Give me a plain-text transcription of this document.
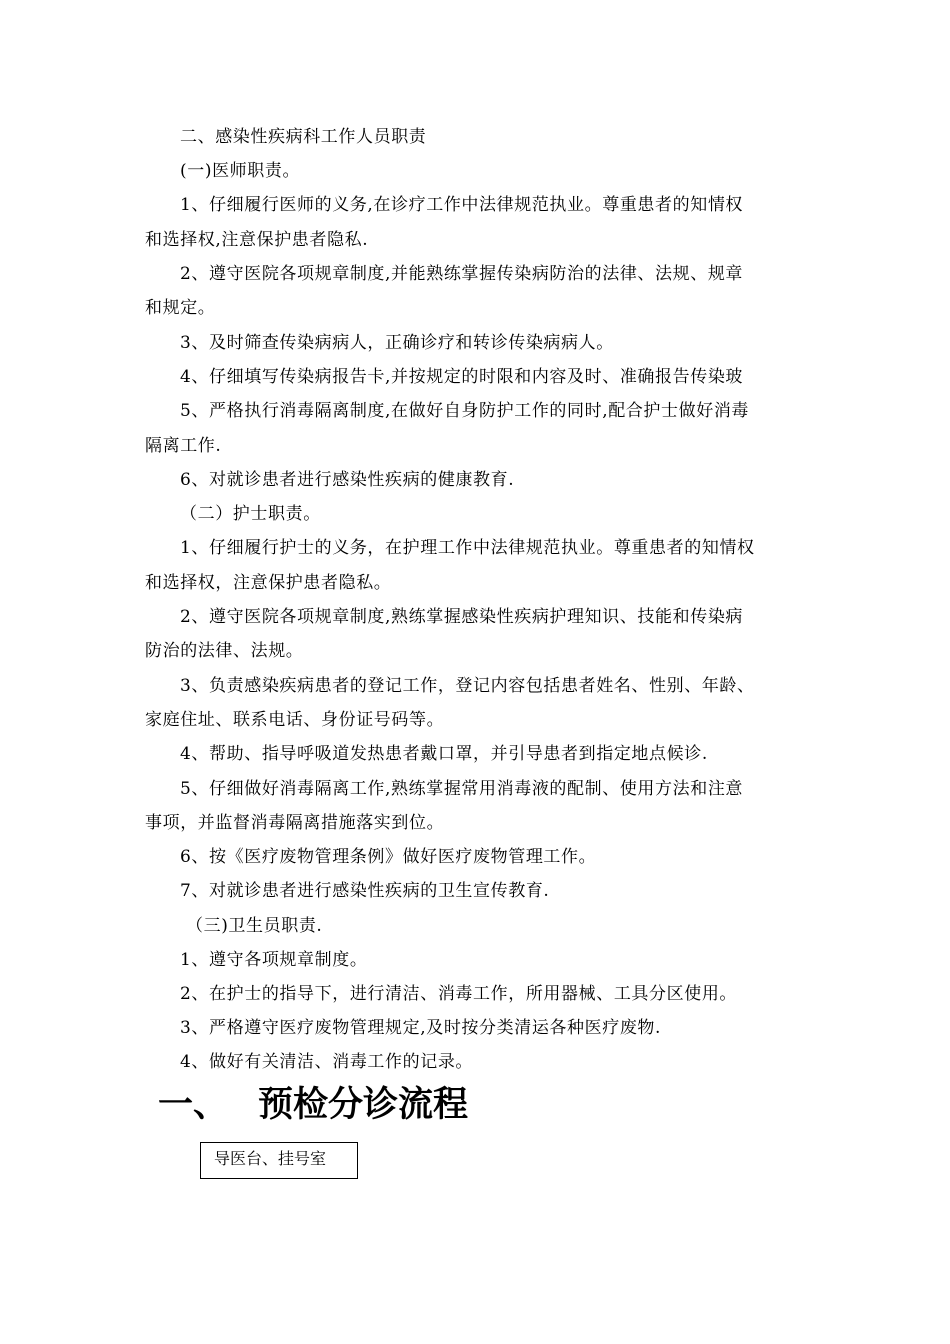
二、感染性疾病科工作人员职责
(一)医师职责。
1、仔细履行医师的义务,在诊疗工作中法律规范执业。尊重患者的知情权
和选择权,注意保护患者隐私.
2、遵守医院各项规章制度,并能熟练掌握传染病防治的法律、法规、规章
和规定。
3、及时筛查传染病病人，正确诊疗和转诊传染病病人。
4、仔细填写传染病报告卡,并按规定的时限和内容及时、准确报告传染玻
5、严格执行消毒隔离制度,在做好自身防护工作的同时,配合护士做好消毒
隔离工作.
6、对就诊患者进行感染性疾病的健康教育.
（二）护士职责。
1、仔细履行护士的义务，在护理工作中法律规范执业。尊重患者的知情权
和选择权，注意保护患者隐私。
2、遵守医院各项规章制度,熟练掌握感染性疾病护理知识、技能和传染病
防治的法律、法规。
3、负责感染疾病患者的登记工作，登记内容包括患者姓名、性别、年龄、
家庭住址、联系电话、身份证号码等。
4、帮助、指导呼吸道发热患者戴口罩，并引导患者到指定地点候诊.
5、仔细做好消毒隔离工作,熟练掌握常用消毒液的配制、使用方法和注意
事项，并监督消毒隔离措施落实到位。
6、按《医疗废物管理条例》做好医疗废物管理工作。
7、对就诊患者进行感染性疾病的卫生宣传教育.
（三)卫生员职责.
1、遵守各项规章制度。
2、在护士的指导下，进行清洁、消毒工作，所用器械、工具分区使用。
3、严格遵守医疗废物管理规定,及时按分类清运各种医疗废物.
4、做好有关清洁、消毒工作的记录。
一、 预检分诊流程
导医台、挂号室
